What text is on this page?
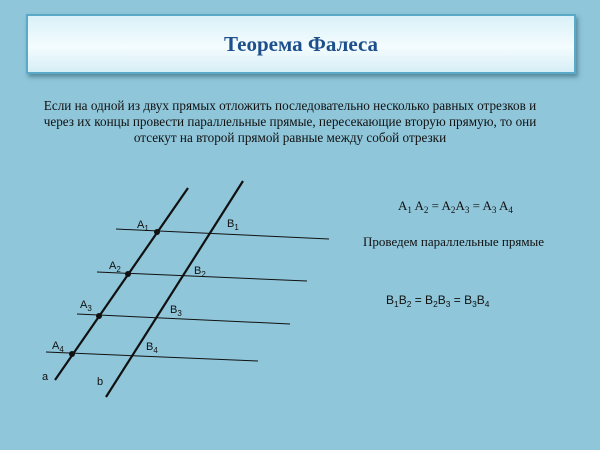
Теорема Фалеса
Если на одной из двух прямых отложить последовательно несколько равных отрезков и через их концы провести параллельные прямые, пересекающие вторую прямую, то они отсекут на второй прямой равные между собой отрезки
$A_1$
$A_2$
$A_3$
$A_4$
$B_1$
$B_2$
$B_3$
$B_4$
a	b
$A_1$ $A_2 = A_2A_3 = A_3$ $A_4$
Проведем параллельные прямые
$B_1B_2 = B_2B_3 = B_3B_4$
